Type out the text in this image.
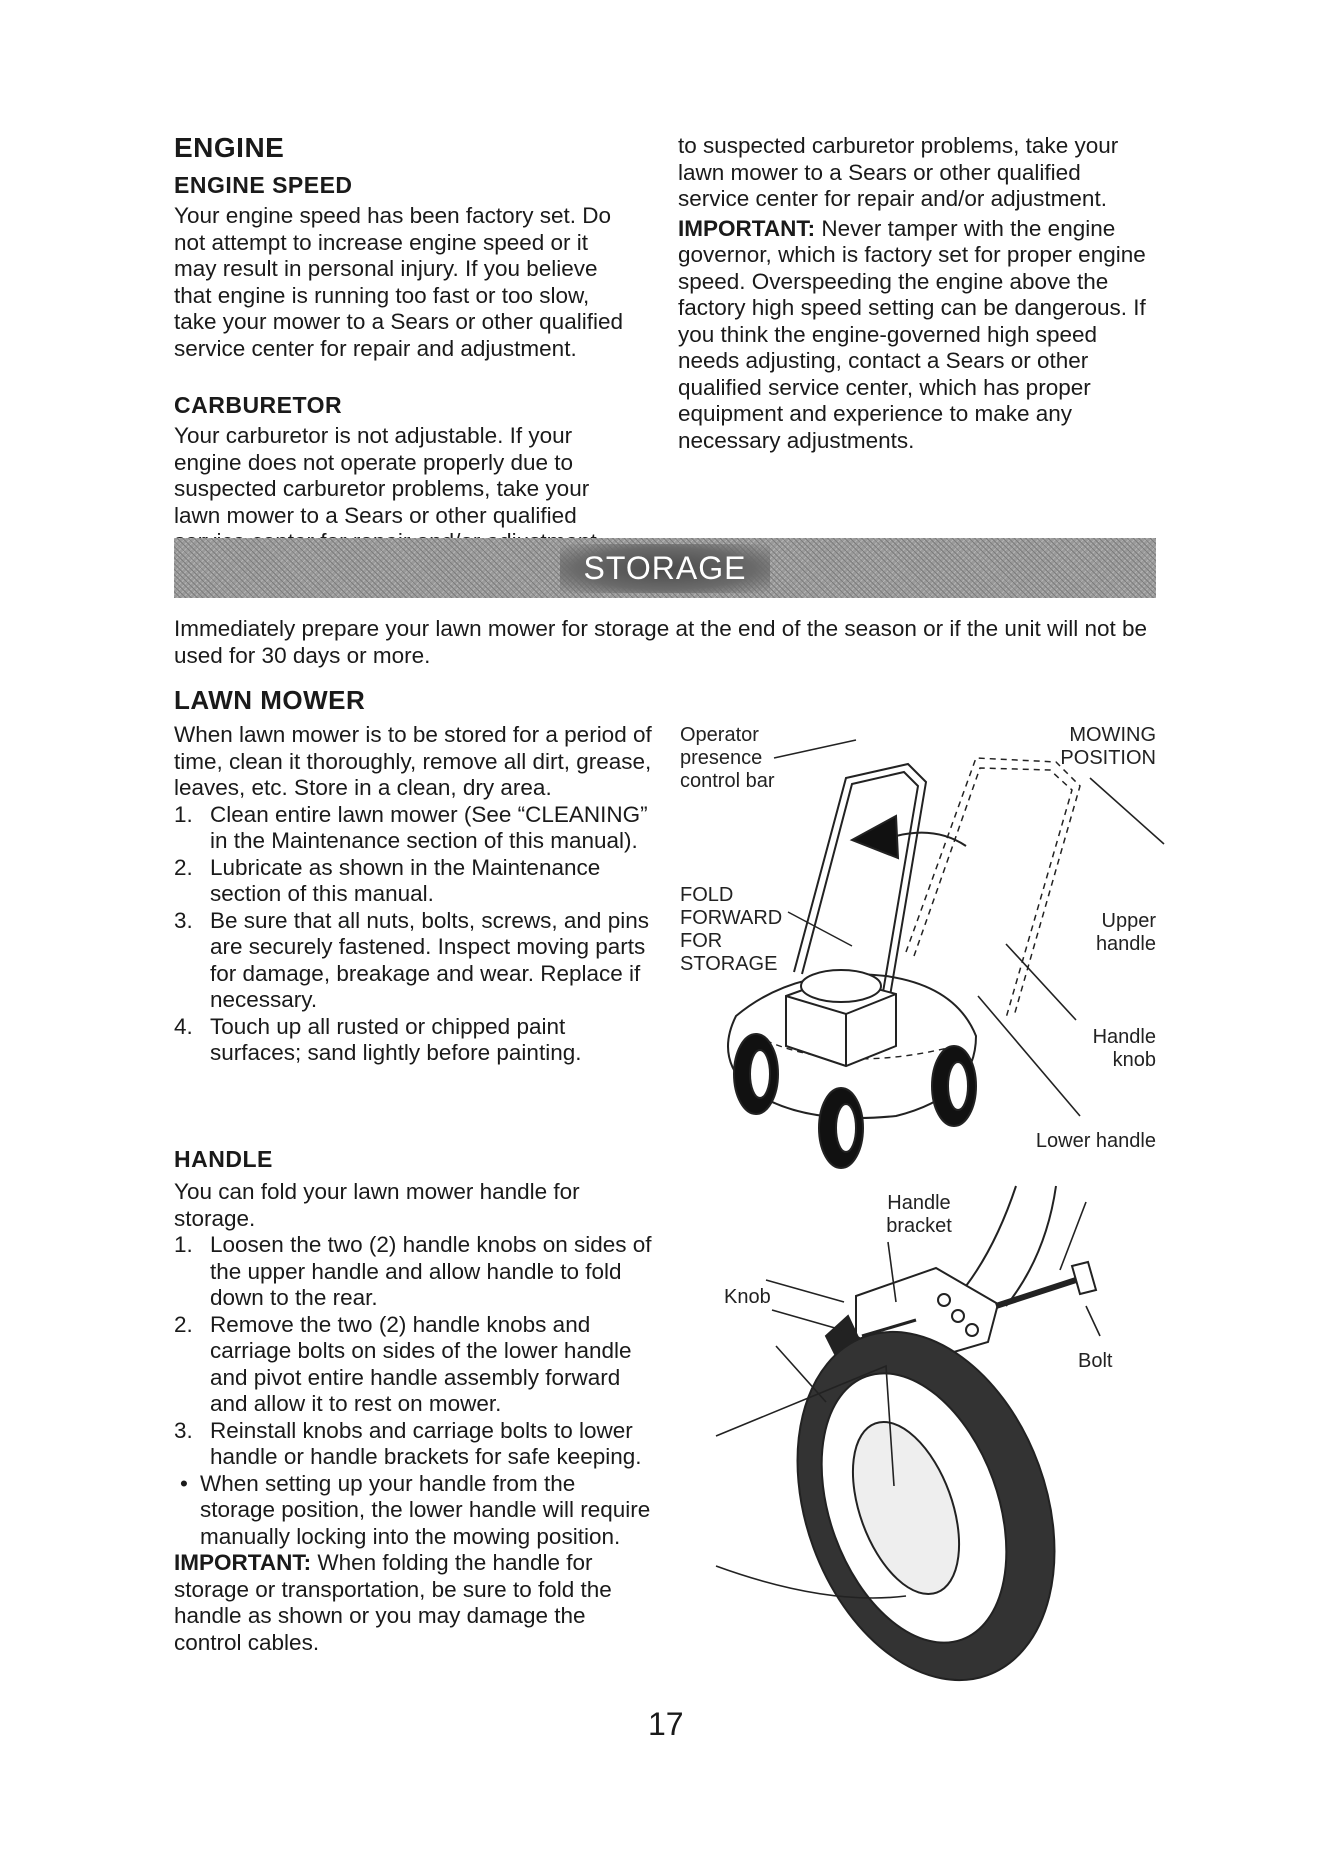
ENGINE
ENGINE SPEED

Your engine speed has been factory set. Do not attempt to increase engine speed or it may result in personal injury. If you believe that engine is running too fast or too slow, take your mower to a Sears or other qualified service center for repair and adjustment.

CARBURETOR

Your carburetor is not adjustable. If your engine does not operate properly due to suspected carburetor problems, take your lawn mower to a Sears or other qualified

to suspected carburetor problems, take your lawn mower to a Sears or other qualified service center for repair and/or adjustment.

IMPORTANT: Never tamper with the engine governor, which is factory set for proper engine speed. Overspeeding the engine above the factory high speed setting can be dangerous. If you think the engine-governed high speed needs adjusting, contact a Sears or other qualified service center, which has proper equipment and experience to make any necessary adjustments.

STORAGE

Immediately prepare your lawn mower for storage at the end of the season or if the unit will not be used for 30 days or more.

LAWN MOWER

When lawn mower is to be stored for a period of time, clean it thoroughly, remove all dirt, grease, leaves, etc. Store in a clean, dry area.

1. Clean entire lawn mower (See “CLEANING” in the Maintenance section of this manual).
2. Lubricate as shown in the Maintenance section of this manual.
3. Be sure that all nuts, bolts, screws, and pins are securely fastened. Inspect moving parts for damage, breakage and wear. Replace if necessary.
4. Touch up all rusted or chipped paint surfaces; sand lightly before painting.
HANDLE

You can fold your lawn mower handle for storage.

1. Loosen the two (2) handle knobs on sides of the upper handle and allow handle to fold down to the rear.
2. Remove the two (2) handle knobs and carriage bolts on sides of the lower handle and pivot entire handle assembly forward and allow it to rest on mower.
3. Reinstall knobs and carriage bolts to lower handle or handle brackets for safe keeping.
• When setting up your handle from the storage position, the lower handle will require manually locking into the mowing position.

IMPORTANT: When folding the handle for storage or transportation, be sure to fold the handle as shown or you may damage the control cables.

Operator presence control bar
MOWING POSITION
FOLD FORWARD FOR STORAGE
Upper handle
Handle knob
Lower handle
Handle bracket
Knob
Bolt
17
